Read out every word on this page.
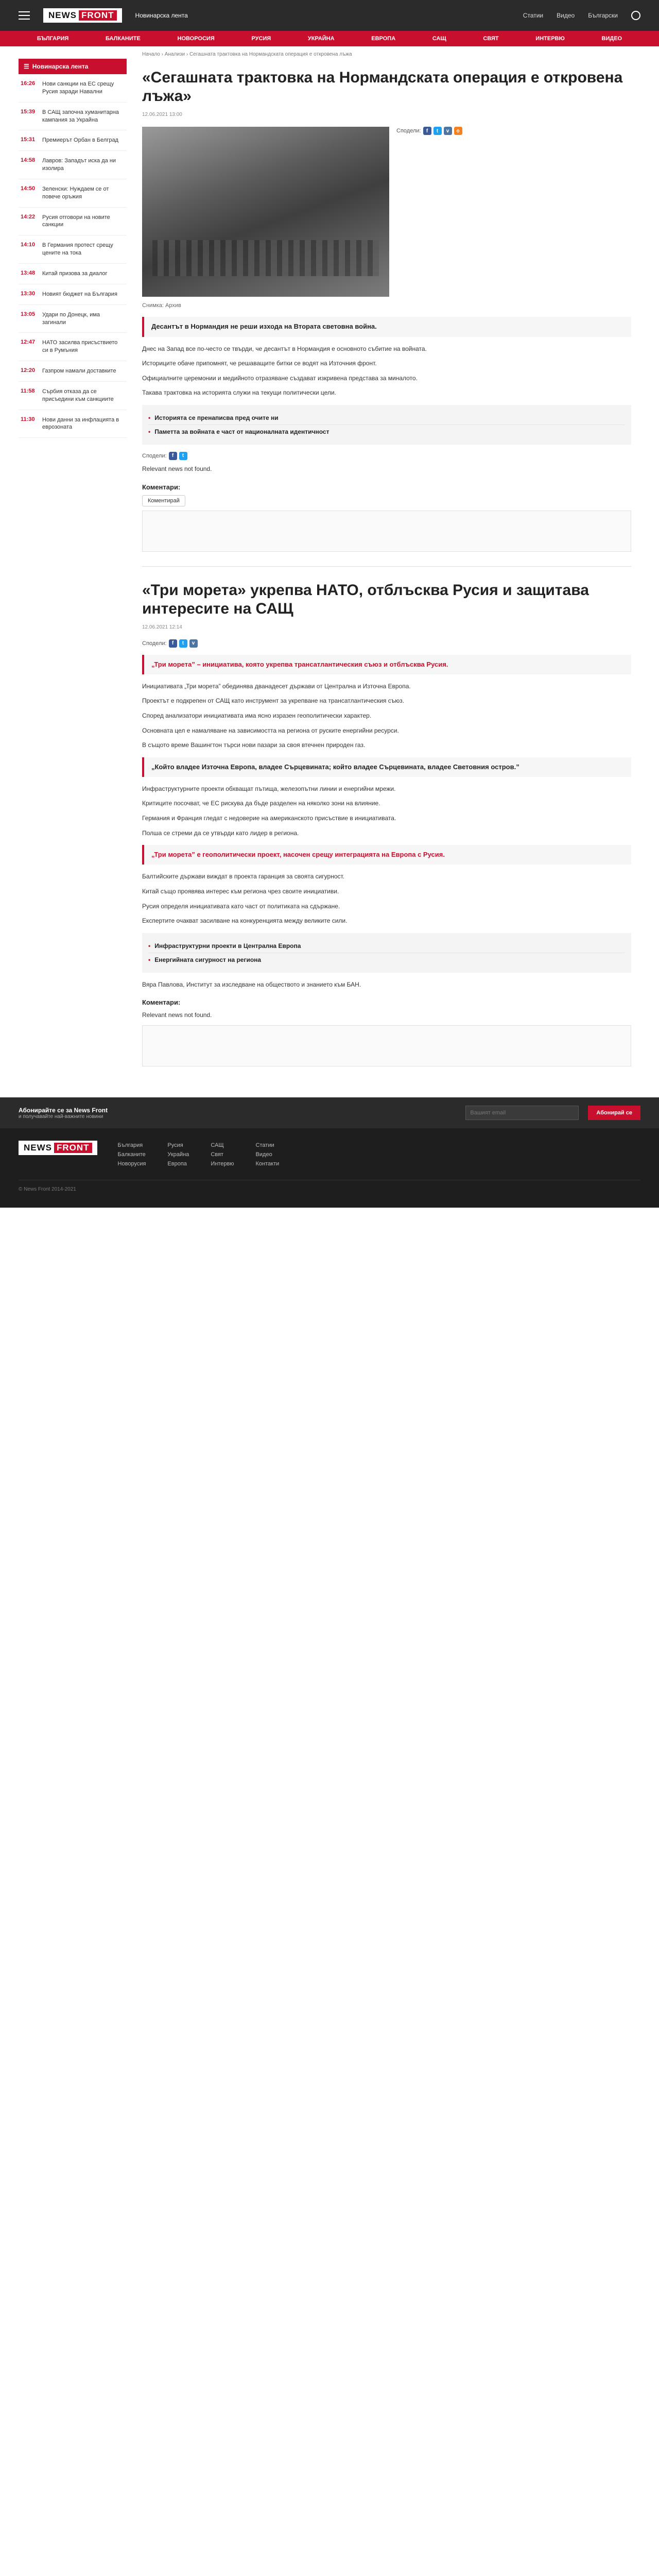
NEWS FRONT	Новинарска лента	Статии Видео Български
БЪЛГАРИЯ	БАЛКАНИТЕ	НОВОРОСИЯ	РУСИЯ	УКРАЙНА	ЕВРОПА	САЩ	СВЯТ	ИНТЕРВЮ	ВИДЕО
☰ Новинарска лента
16:26	Нови санкции на ЕС срещу Русия заради Навални
15:39	В САЩ започна хуманитарна кампания за Украйна
15:31	Премиерът Орбан в Белград
14:58	Лавров: Западът иска да ни изолира
14:50	Зеленски: Нуждаем се от повече оръжия
14:22	Русия отговори на новите санкции
14:10	В Германия протест срещу цените на тока
13:48	Китай призова за диалог
13:30	Новият бюджет на България
13:05	Удари по Донецк, има загинали
12:47	НАТО засилва присъствието си в Румъния
12:20	Газпром намали доставките
11:58	Сърбия отказа да се присъедини към санкциите
11:30	Нови данни за инфлацията в еврозоната
Начало › Анализи › Сегашната трактовка на Нормандската операция е откровена лъжа
«Сегашната трактовка на Нормандската операция е откровена лъжа»
12.06.2021 13:00
Сподели:	f	t	v	o
Снимка: Архив
Десантът в Нормандия не реши изхода на Втората световна война.

Днес на Запад все по-често се твърди, че десантът в Нормандия е основното събитие на войната.

Историците обаче припомнят, че решаващите битки се водят на Източния фронт.

Официалните церемонии и медийното отразяване създават изкривена представа за миналото.

Такава трактовка на историята служи на текущи политически цели.

• Историята се пренаписва пред очите ни
• Паметта за войната е част от националната идентичност
Сподели:	f	t

Relevant news not found.

Коментари:
Коментирай
«Три морета» укрепва НАТО, отблъсква Русия и защитава интересите на САЩ
12.06.2021 12:14
Сподели:	f	t	v
„Три морета” – инициатива, която укрепва трансатлантическия съюз и отблъсква Русия.

Инициативата „Три морета” обединява дванадесет държави от Централна и Източна Европа.

Проектът е подкрепен от САЩ като инструмент за укрепване на трансатлантическия съюз.

Според анализатори инициативата има ясно изразен геополитически характер.

Основната цел е намаляване на зависимостта на региона от руските енергийни ресурси.

В същото време Вашингтон търси нови пазари за своя втечнен природен газ.

„Който владее Източна Европа, владее Сърцевината; който владее Сърцевината, владее Световния остров.”

Инфраструктурните проекти обхващат пътища, железопътни линии и енергийни мрежи.

Критиците посочват, че ЕС рискува да бъде разделен на няколко зони на влияние.

Германия и Франция гледат с недоверие на американското присъствие в инициативата.

Полша се стреми да се утвърди като лидер в региона.

„Три морета” е геополитически проект, насочен срещу интеграцията на Европа с Русия.

Балтийските държави виждат в проекта гаранция за своята сигурност.

Китай също проявява интерес към региона чрез своите инициативи.

Русия определя инициативата като част от политиката на сдържане.

Експертите очакват засилване на конкуренцията между великите сили.

• Инфраструктурни проекти в Централна Европа
• Енергийната сигурност на региона

Вяра Павлова, Институт за изследване на обществото и знанието към БАН.

Коментари:

Relevant news not found.

Абонирайте се за News Front
и получавайте най-важните новини
Вашият email
Абонирай се
NEWS FRONT	България
Балканите
Новорусия
Русия
Украйна
Европа
САЩ
Свят
Интервю
Статии
Видео
Контакти
© News Front 2014-2021
